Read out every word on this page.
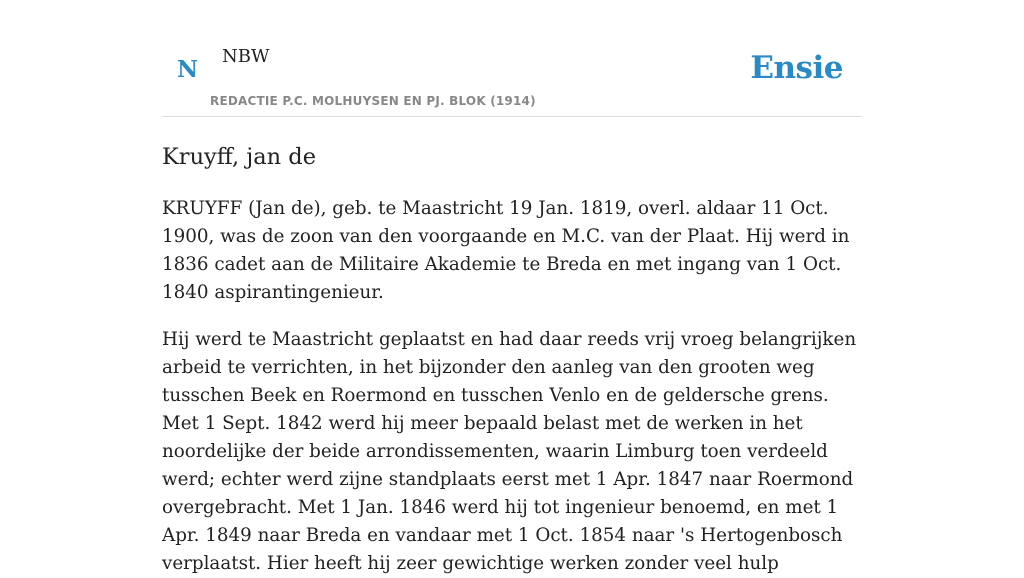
N NBW
REDACTIE P.C. MOLHUYSEN EN PJ. BLOK (1914)
Ensie
Kruyff, jan de

KRUYFF (Jan de), geb. te Maastricht 19 Jan. 1819, overl. aldaar 11 Oct. 1900, was de zoon van den voorgaande en M.C. van der Plaat. Hij werd in 1836 cadet aan de Militaire Akademie te Breda en met ingang van 1 Oct. 1840 aspirantingenieur.

Hij werd te Maastricht geplaatst en had daar reeds vrij vroeg belangrijken arbeid te verrichten, in het bijzonder den aanleg van den grooten weg tusschen Beek en Roermond en tusschen Venlo en de geldersche grens. Met 1 Sept. 1842 werd hij meer bepaald belast met de werken in het noordelijke der beide arrondissementen, waarin Limburg toen verdeeld werd; echter werd zijne standplaats eerst met 1 Apr. 1847 naar Roermond overgebracht. Met 1 Jan. 1846 werd hij tot ingenieur benoemd, en met 1 Apr. 1849 naar Breda en vandaar met 1 Oct. 1854 naar 's Hertogenbosch verplaatst. Hier heeft hij zeer gewichtige werken zonder veel hulp
